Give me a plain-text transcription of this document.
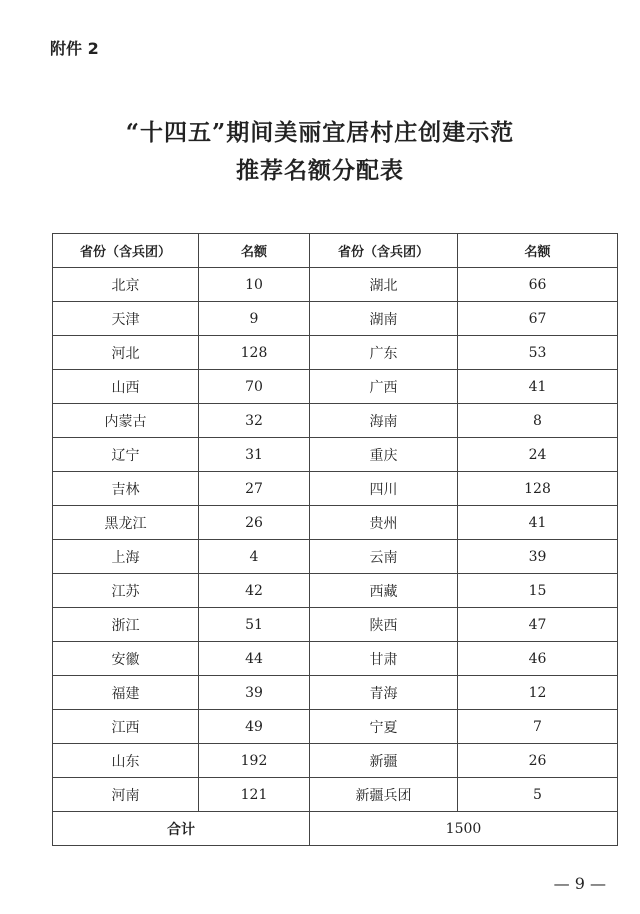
附件 2
“十四五”期间美丽宜居村庄创建示范
推荐名额分配表
省份（含兵团）	名额	省份（含兵团）	名额
北京	10	湖北	66
天津	9	湖南	67
河北	128	广东	53
山西	70	广西	41
内蒙古	32	海南	8
辽宁	31	重庆	24
吉林	27	四川	128
黑龙江	26	贵州	41
上海	4	云南	39
江苏	42	西藏	15
浙江	51	陕西	47
安徽	44	甘肃	46
福建	39	青海	12
江西	49	宁夏	7
山东	192	新疆	26
河南	121	新疆兵团	5
合计		1500	
— 9 —
